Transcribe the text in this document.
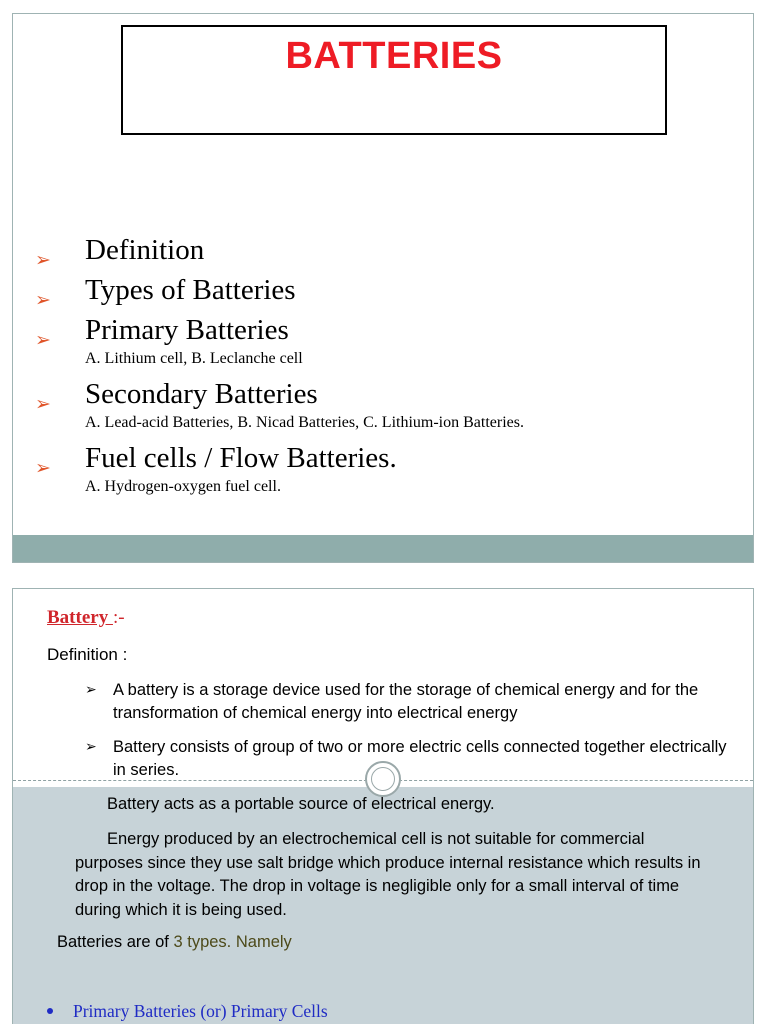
BATTERIES
➢ Definition
➢ Types of Batteries
➢ Primary Batteries
A. Lithium cell, B. Leclanche cell
➢ Secondary Batteries
A. Lead-acid Batteries, B. Nicad Batteries, C. Lithium-ion Batteries.
➢ Fuel cells / Flow Batteries.
A. Hydrogen-oxygen fuel cell.
Battery :-
Definition :
➢ A battery is a storage device used for the storage of chemical energy and for the transformation of chemical energy into electrical energy
➢ Battery consists of group of two or more electric cells connected together electrically in series.
Battery acts as a portable source of electrical energy.
Energy produced by an electrochemical cell is not suitable for commercial purposes since they use salt bridge which produce internal resistance which results in drop in the voltage. The drop in voltage is negligible only for a small interval of time during which it is being used.
Batteries are of 3 types. Namely
Primary Batteries (or) Primary Cells
